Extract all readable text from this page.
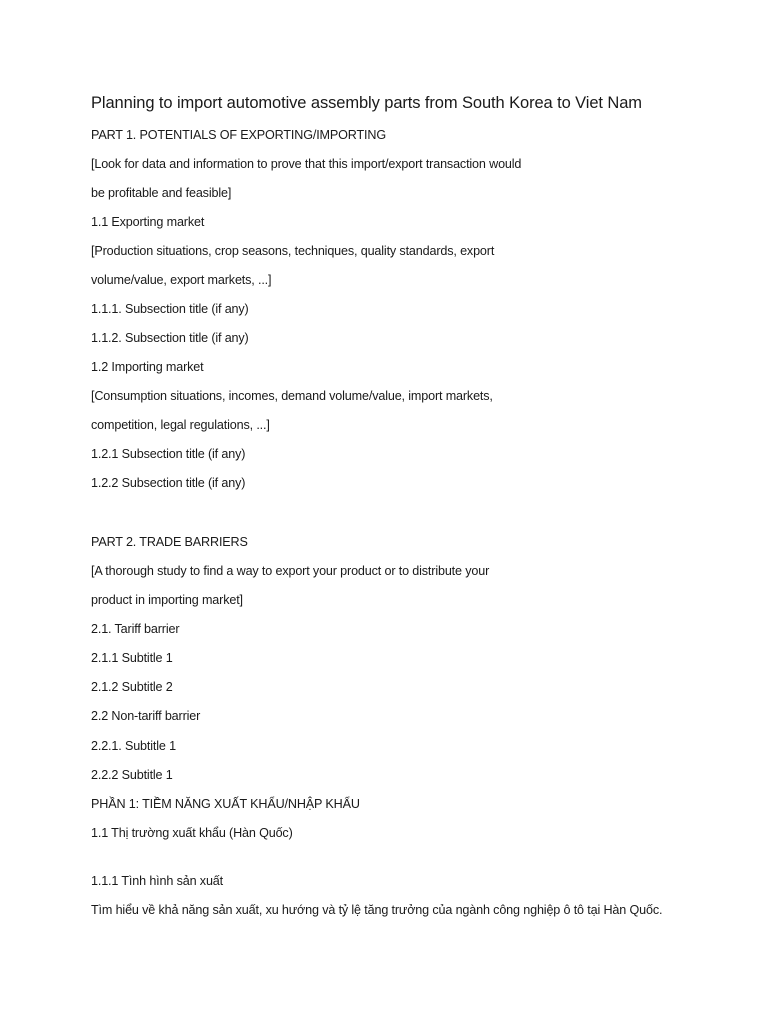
Planning to import automotive assembly parts from South Korea to Viet Nam
PART 1. POTENTIALS OF EXPORTING/IMPORTING
[Look for data and information to prove that this import/export transaction would
be profitable and feasible]
1.1 Exporting market
[Production situations, crop seasons, techniques, quality standards, export
volume/value, export markets, ...]
1.1.1. Subsection title (if any)
1.1.2. Subsection title (if any)
1.2 Importing market
[Consumption situations, incomes, demand volume/value, import markets,
competition, legal regulations, ...]
1.2.1 Subsection title (if any)
1.2.2 Subsection title (if any)
PART 2. TRADE BARRIERS
[A thorough study to find a way to export your product or to distribute your
product in importing market]
2.1. Tariff barrier
2.1.1 Subtitle 1
2.1.2 Subtitle 2
2.2 Non-tariff barrier
2.2.1. Subtitle 1
2.2.2 Subtitle 1
PHẦN 1: TIỀM NĂNG XUẤT KHẨU/NHẬP KHẨU
1.1 Thị trường xuất khẩu (Hàn Quốc)
1.1.1 Tình hình sản xuất
Tìm hiểu về khả năng sản xuất, xu hướng và tỷ lệ tăng trưởng của ngành công nghiệp ô tô tại Hàn Quốc.
